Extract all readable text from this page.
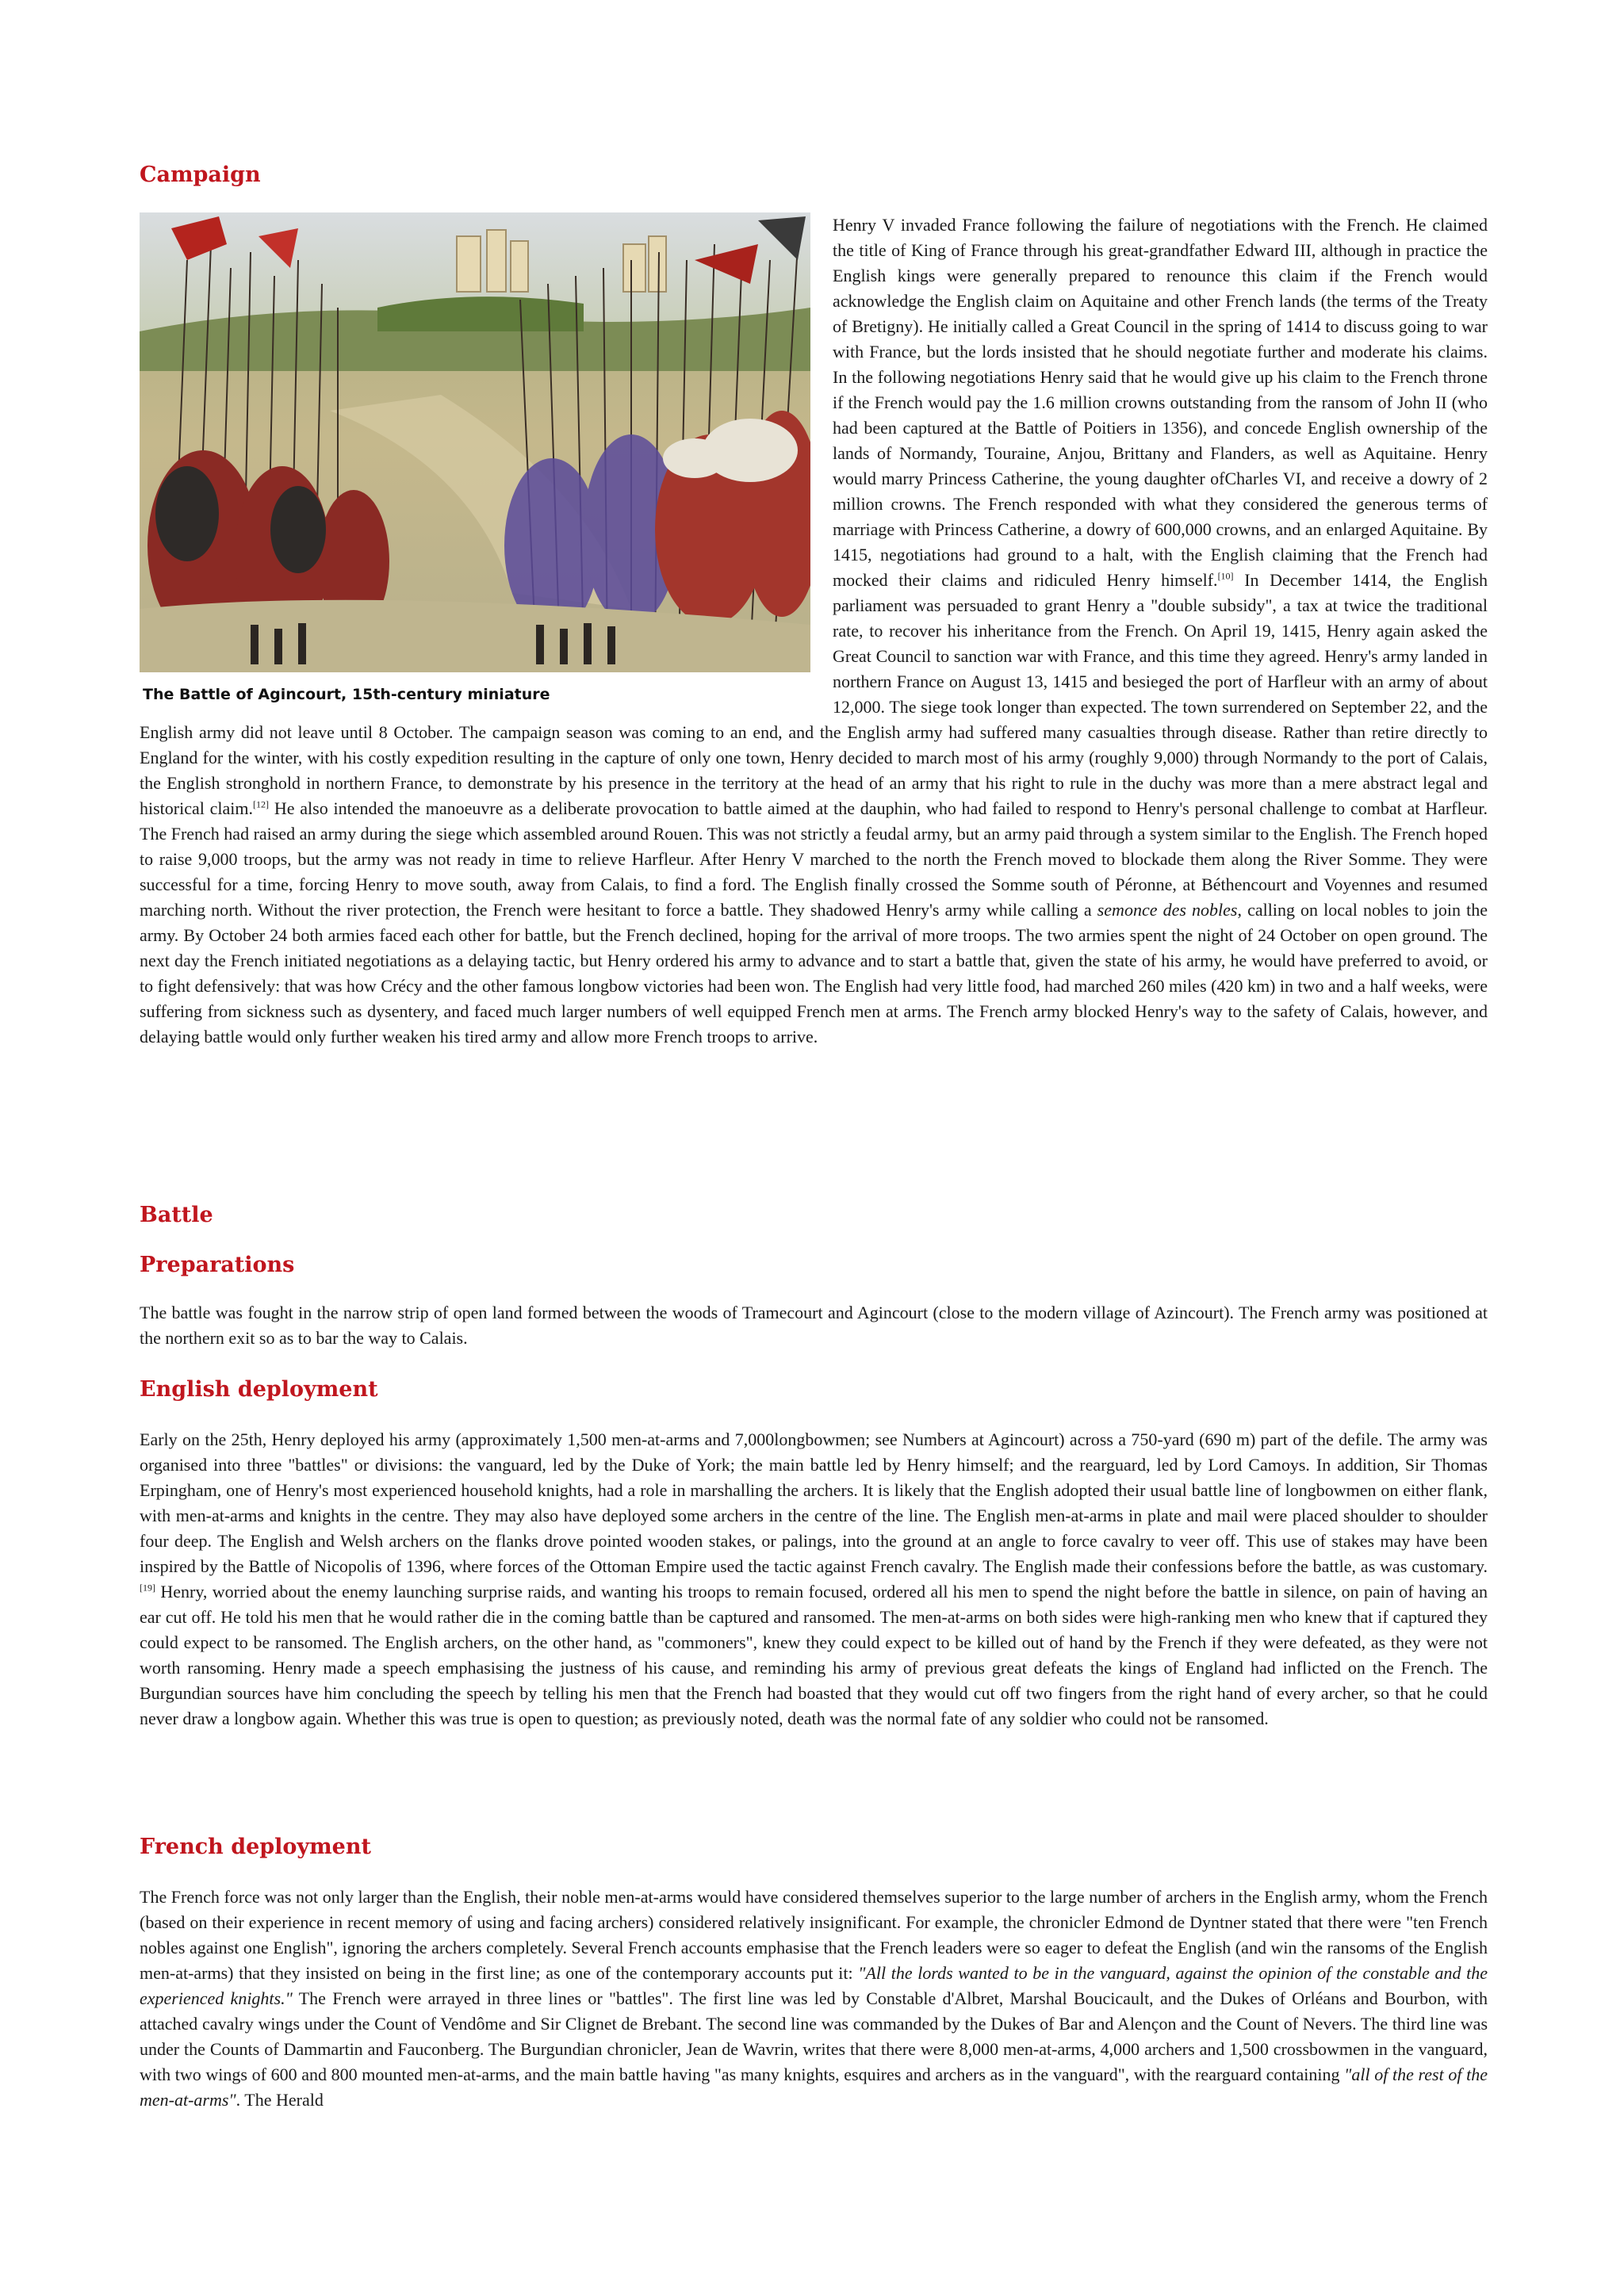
Campaign
The Battle of Agincourt, 15th-century miniature
Henry V invaded France following the failure of negotiations with the French. He claimed the title of King of France through his great-grandfather Edward III, although in practice the English kings were generally prepared to renounce this claim if the French would acknowledge the English claim on Aquitaine and other French lands (the terms of the Treaty of Bretigny). He initially called a Great Council in the spring of 1414 to discuss going to war with France, but the lords insisted that he should negotiate further and moderate his claims. In the following negotiations Henry said that he would give up his claim to the French throne if the French would pay the 1.6 million crowns outstanding from the ransom of John II (who had been captured at the Battle of Poitiers in 1356), and concede English ownership of the lands of Normandy, Touraine, Anjou, Brittany and Flanders, as well as Aquitaine. Henry would marry Princess Catherine, the young daughter ofCharles VI, and receive a dowry of 2 million crowns. The French responded with what they considered the generous terms of marriage with Princess Catherine, a dowry of 600,000 crowns, and an enlarged Aquitaine. By 1415, negotiations had ground to a halt, with the English claiming that the French had mocked their claims and ridiculed Henry himself.[10] In December 1414, the English parliament was persuaded to grant Henry a "double subsidy", a tax at twice the traditional rate, to recover his inheritance from the French. On April 19, 1415, Henry again asked the Great Council to sanction war with France, and this time they agreed. Henry's army landed in northern France on August 13, 1415 and besieged the port of Harfleur with an army of about 12,000. The siege took longer than expected. The town surrendered on September 22, and the English army did not leave until 8 October. The campaign season was coming to an end, and the English army had suffered many casualties through disease. Rather than retire directly to England for the winter, with his costly expedition resulting in the capture of only one town, Henry decided to march most of his army (roughly 9,000) through Normandy to the port of Calais, the English stronghold in northern France, to demonstrate by his presence in the territory at the head of an army that his right to rule in the duchy was more than a mere abstract legal and historical claim.[12] He also intended the manoeuvre as a deliberate provocation to battle aimed at the dauphin, who had failed to respond to Henry's personal challenge to combat at Harfleur. The French had raised an army during the siege which assembled around Rouen. This was not strictly a feudal army, but an army paid through a system similar to the English. The French hoped to raise 9,000 troops, but the army was not ready in time to relieve Harfleur. After Henry V marched to the north the French moved to blockade them along the River Somme. They were successful for a time, forcing Henry to move south, away from Calais, to find a ford. The English finally crossed the Somme south of Péronne, at Béthencourt and Voyennes and resumed marching north. Without the river protection, the French were hesitant to force a battle. They shadowed Henry's army while calling a semonce des nobles, calling on local nobles to join the army. By October 24 both armies faced each other for battle, but the French declined, hoping for the arrival of more troops. The two armies spent the night of 24 October on open ground. The next day the French initiated negotiations as a delaying tactic, but Henry ordered his army to advance and to start a battle that, given the state of his army, he would have preferred to avoid, or to fight defensively: that was how Crécy and the other famous longbow victories had been won. The English had very little food, had marched 260 miles (420 km) in two and a half weeks, were suffering from sickness such as dysentery, and faced much larger numbers of well equipped French men at arms. The French army blocked Henry's way to the safety of Calais, however, and delaying battle would only further weaken his tired army and allow more French troops to arrive.
Battle
Preparations

The battle was fought in the narrow strip of open land formed between the woods of Tramecourt and Agincourt (close to the modern village of Azincourt). The French army was positioned at the northern exit so as to bar the way to Calais.

English deployment

Early on the 25th, Henry deployed his army (approximately 1,500 men-at-arms and 7,000longbowmen; see Numbers at Agincourt) across a 750-yard (690 m) part of the defile. The army was organised into three "battles" or divisions: the vanguard, led by the Duke of York; the main battle led by Henry himself; and the rearguard, led by Lord Camoys. In addition, Sir Thomas Erpingham, one of Henry's most experienced household knights, had a role in marshalling the archers. It is likely that the English adopted their usual battle line of longbowmen on either flank, with men-at-arms and knights in the centre. They may also have deployed some archers in the centre of the line. The English men-at-arms in plate and mail were placed shoulder to shoulder four deep. The English and Welsh archers on the flanks drove pointed wooden stakes, or palings, into the ground at an angle to force cavalry to veer off. This use of stakes may have been inspired by the Battle of Nicopolis of 1396, where forces of the Ottoman Empire used the tactic against French cavalry. The English made their confessions before the battle, as was customary.[19] Henry, worried about the enemy launching surprise raids, and wanting his troops to remain focused, ordered all his men to spend the night before the battle in silence, on pain of having an ear cut off. He told his men that he would rather die in the coming battle than be captured and ransomed. The men-at-arms on both sides were high-ranking men who knew that if captured they could expect to be ransomed. The English archers, on the other hand, as "commoners", knew they could expect to be killed out of hand by the French if they were defeated, as they were not worth ransoming. Henry made a speech emphasising the justness of his cause, and reminding his army of previous great defeats the kings of England had inflicted on the French. The Burgundian sources have him concluding the speech by telling his men that the French had boasted that they would cut off two fingers from the right hand of every archer, so that he could never draw a longbow again. Whether this was true is open to question; as previously noted, death was the normal fate of any soldier who could not be ransomed.

French deployment

The French force was not only larger than the English, their noble men-at-arms would have considered themselves superior to the large number of archers in the English army, whom the French (based on their experience in recent memory of using and facing archers) considered relatively insignificant. For example, the chronicler Edmond de Dyntner stated that there were "ten French nobles against one English", ignoring the archers completely. Several French accounts emphasise that the French leaders were so eager to defeat the English (and win the ransoms of the English men-at-arms) that they insisted on being in the first line; as one of the contemporary accounts put it: "All the lords wanted to be in the vanguard, against the opinion of the constable and the experienced knights." The French were arrayed in three lines or "battles". The first line was led by Constable d'Albret, Marshal Boucicault, and the Dukes of Orléans and Bourbon, with attached cavalry wings under the Count of Vendôme and Sir Clignet de Brebant. The second line was commanded by the Dukes of Bar and Alençon and the Count of Nevers. The third line was under the Counts of Dammartin and Fauconberg. The Burgundian chronicler, Jean de Wavrin, writes that there were 8,000 men-at-arms, 4,000 archers and 1,500 crossbowmen in the vanguard, with two wings of 600 and 800 mounted men-at-arms, and the main battle having "as many knights, esquires and archers as in the vanguard", with the rearguard containing "all of the rest of the men-at-arms". The Herald
